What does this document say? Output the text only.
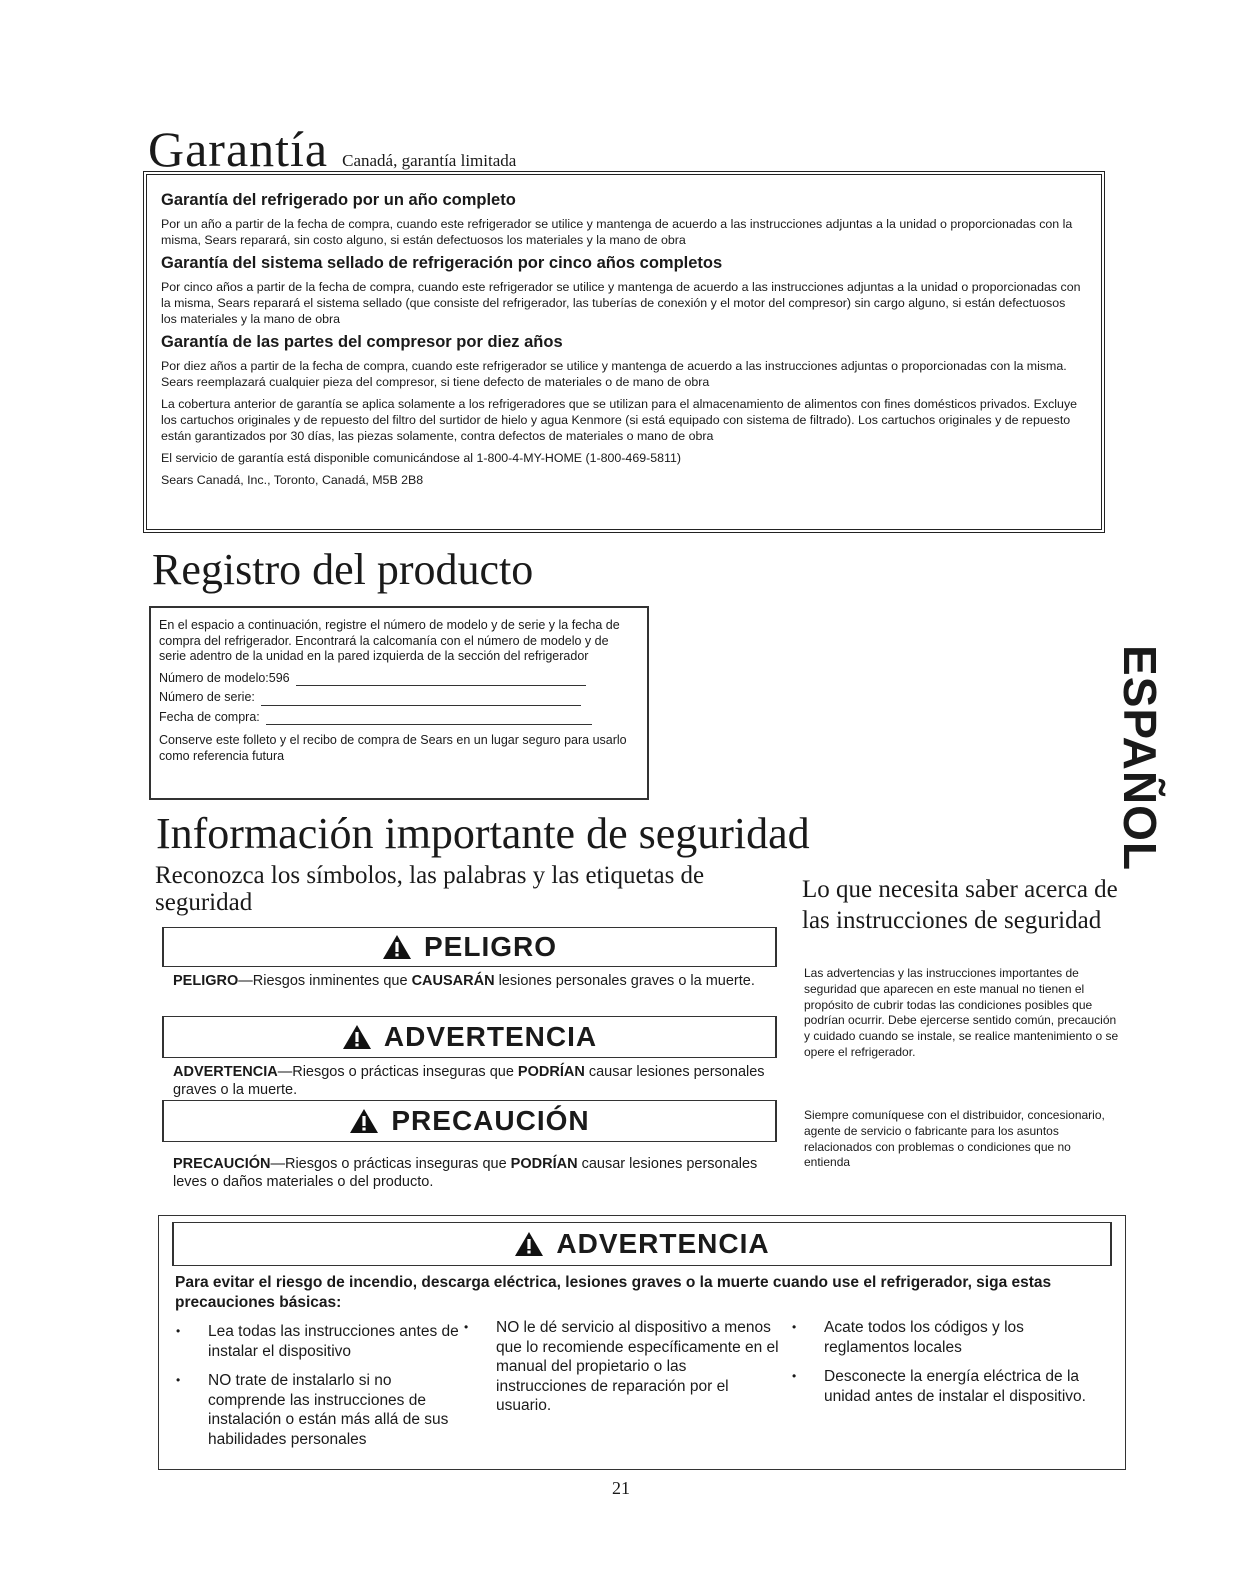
Garantía Canadá, garantía limitada
Garantía del refrigerado por un año completo

Por un año a partir de la fecha de compra, cuando este refrigerador se utilice y mantenga de acuerdo a las instrucciones adjuntas a la unidad o proporcionadas con la misma, Sears reparará, sin costo alguno, si están defectuosos los materiales y la mano de obra

Garantía del sistema sellado de refrigeración por cinco años completos

Por cinco años a partir de la fecha de compra, cuando este refrigerador se utilice y mantenga de acuerdo a las instrucciones adjuntas a la unidad o proporcionadas con la misma, Sears reparará el sistema sellado (que consiste del refrigerador, las tuberías de conexión y el motor del compresor) sin cargo alguno, si están defectuosos los materiales y la mano de obra

Garantía de las partes del compresor por diez años

Por diez años a partir de la fecha de compra, cuando este refrigerador se utilice y mantenga de acuerdo a las instrucciones adjuntas o proporcionadas con la misma. Sears reemplazará cualquier pieza del compresor, si tiene defecto de materiales o de mano de obra

La cobertura anterior de garantía se aplica solamente a los refrigeradores que se utilizan para el almacenamiento de alimentos con fines domésticos privados. Excluye los cartuchos originales y de repuesto del filtro del surtidor de hielo y agua Kenmore (si está equipado con sistema de filtrado). Los cartuchos originales y de repuesto están garantizados por 30 días, las piezas solamente, contra defectos de materiales o mano de obra

El servicio de garantía está disponible comunicándose al 1-800-4-MY-HOME (1-800-469-5811)

Sears Canadá, Inc., Toronto, Canadá, M5B 2B8

Registro del producto
En el espacio a continuación, registre el número de modelo y de serie y la fecha de compra del refrigerador. Encontrará la calcomanía con el número de modelo y de serie adentro de la unidad en la pared izquierda de la sección del refrigerador
Número de modelo:596
Número de serie:
Fecha de compra:
Conserve este folleto y el recibo de compra de Sears en un lugar seguro para usarlo como referencia futura	ESPAÑOL
Información importante de seguridad
Reconozca los símbolos, las palabras y las etiquetas de seguridad
PELIGRO
PELIGRO—Riesgos inminentes que CAUSARÁN lesiones personales graves o la muerte.
ADVERTENCIA
ADVERTENCIA—Riesgos o prácticas inseguras que PODRÍAN causar lesiones personales graves o la muerte.
PRECAUCIÓN
PRECAUCIÓN—Riesgos o prácticas inseguras que PODRÍAN causar lesiones personales leves o daños materiales o del producto.
Lo que necesita saber acerca de las instrucciones de seguridad
Las advertencias y las instrucciones importantes de seguridad que aparecen en este manual no tienen el propósito de cubrir todas las condiciones posibles que podrían ocurrir. Debe ejercerse sentido común, precaución y cuidado cuando se instale, se realice mantenimiento o se opere el refrigerador.
Siempre comuníquese con el distribuidor, concesionario, agente de servicio o fabricante para los asuntos relacionados con problemas o condiciones que no entienda
ADVERTENCIA
Para evitar el riesgo de incendio, descarga eléctrica, lesiones graves o la muerte cuando use el refrigerador, siga estas precauciones básicas:
• Lea todas las instrucciones antes de instalar el dispositivo
• NO trate de instalarlo si no comprende las instrucciones de instalación o están más allá de sus habilidades personales
• NO le dé servicio al dispositivo a menos que lo recomiende específicamente en el manual del propietario o las instrucciones de reparación por el usuario.
• Acate todos los códigos y los reglamentos locales
• Desconecte la energía eléctrica de la unidad antes de instalar el dispositivo.
21
